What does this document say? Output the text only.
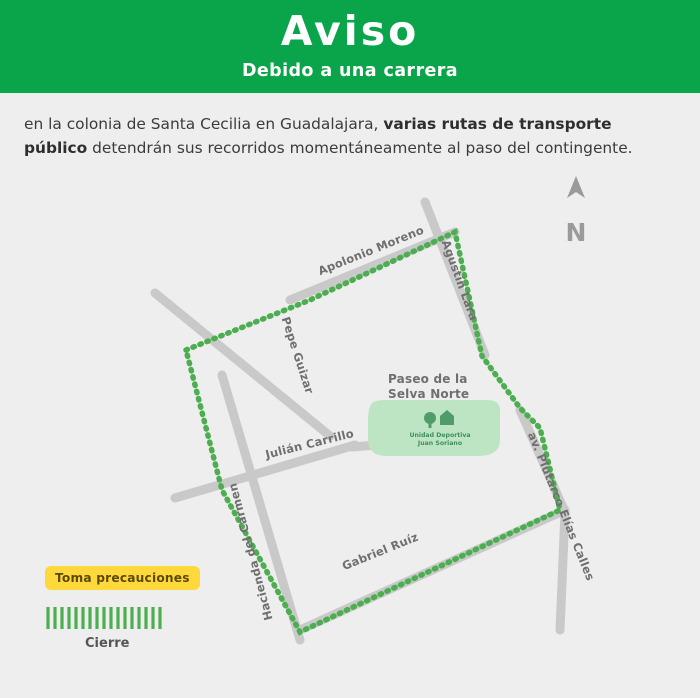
Aviso
Debido a una carrera

en la colonia de Santa Cecilia en Guadalajara, varias rutas de transporte público detendrán sus recorridos momentáneamente al paso del contingente.

Apolonio Moreno Agustín Lara
Pepe Guizar
Julián Carrillo
Hacienda del Carmen	Gabriel Ruíz	av. Plutarco Elías Calles
Paseo de la
Selva Norte
Unidad Deportiva
Juan Soriano
N
Toma precauciones
Cierre
